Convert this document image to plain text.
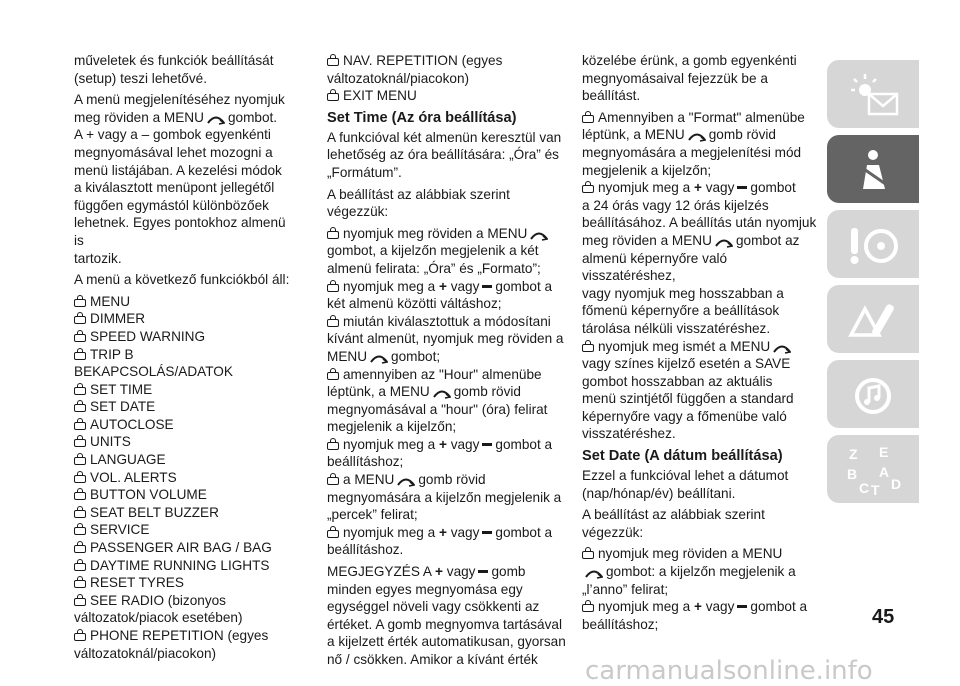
műveletek és funkciók beállítását
(setup) teszi lehetővé.

A menü megjelenítéséhez nyomjuk
meg röviden a MENU gombot.
A + vagy a – gombok egyenkénti
megnyomásával lehet mozogni a
menü listájában. A kezelési módok
a kiválasztott menüpont jellegétől
függően egymástól különbözőek
lehetnek. Egyes pontokhoz almenü is
tartozik.

A menü a következő funkciókból áll:

MENU
DIMMER
SPEED WARNING
TRIP B BEKAPCSOLÁS/ADATOK
SET TIME
SET DATE
AUTOCLOSE
UNITS
LANGUAGE
VOL. ALERTS
BUTTON VOLUME
SEAT BELT BUZZER
SERVICE
PASSENGER AIR BAG / BAG
DAYTIME RUNNING LIGHTS
RESET TYRES
SEE RADIO (bizonyos
változatok/piacok esetében)
PHONE REPETITION (egyes
változatoknál/piacokon)
NAV. REPETITION (egyes
változatoknál/piacokon)
EXIT MENU
Set Time (Az óra beállítása)

A funkcióval két almenün keresztül van
lehetőség az óra beállítására: „Óra” és
„Formátum”.

A beállítást az alábbiak szerint
végezzük:

nyomjuk meg röviden a MENU
gombot, a kijelzőn megjelenik a két
almenü felirata: „Óra” és „Formato”;
nyomjuk meg a + vagy gombot a
két almenü közötti váltáshoz;
miután kiválasztottuk a módosítani
kívánt almenüt, nyomjuk meg röviden a
MENU gombot;
amennyiben az "Hour" almenübe
léptünk, a MENU gomb rövid
megnyomásával a "hour" (óra) felirat
megjelenik a kijelzőn;
nyomjuk meg a + vagy gombot a
beállításhoz;
a MENU gomb rövid
megnyomására a kijelzőn megjelenik a
„percek” felirat;
nyomjuk meg a + vagy gombot a
beállításhoz.

MEGJEGYZÉS A + vagy gomb
minden egyes megnyomása egy
egységgel növeli vagy csökkenti az
értéket. A gomb megnyomva tartásával
a kijelzett érték automatikusan, gyorsan
nő / csökken. Amikor a kívánt érték

közelébe érünk, a gomb egyenkénti
megnyomásaival fejezzük be a
beállítást.

Amennyiben a "Format" almenübe
léptünk, a MENU gomb rövid
megnyomására a megjelenítési mód
megjelenik a kijelzőn;
nyomjuk meg a + vagy gombot
a 24 órás vagy 12 órás kijelzés
beállításához. A beállítás után nyomjuk
meg röviden a MENU gombot az
almenü képernyőre való visszatéréshez,
vagy nyomjuk meg hosszabban a
főmenü képernyőre a beállítások
tárolása nélküli visszatéréshez.
nyomjuk meg ismét a MENU
vagy színes kijelző esetén a SAVE
gombot hosszabban az aktuális
menü szintjétől függően a standard
képernyőre vagy a főmenübe való
visszatéréshez.
Set Date (A dátum beállítása)

Ezzel a funkcióval lehet a dátumot
(nap/hónap/év) beállítani.

A beállítást az alábbiak szerint
végezzük:

nyomjuk meg röviden a MENU
gombot: a kijelzőn megjelenik a
„l’anno” felirat;
nyomjuk meg a + vagy gombot a
beállításhoz;
Z E
B A
C T D
45
carmanualsonline.info
